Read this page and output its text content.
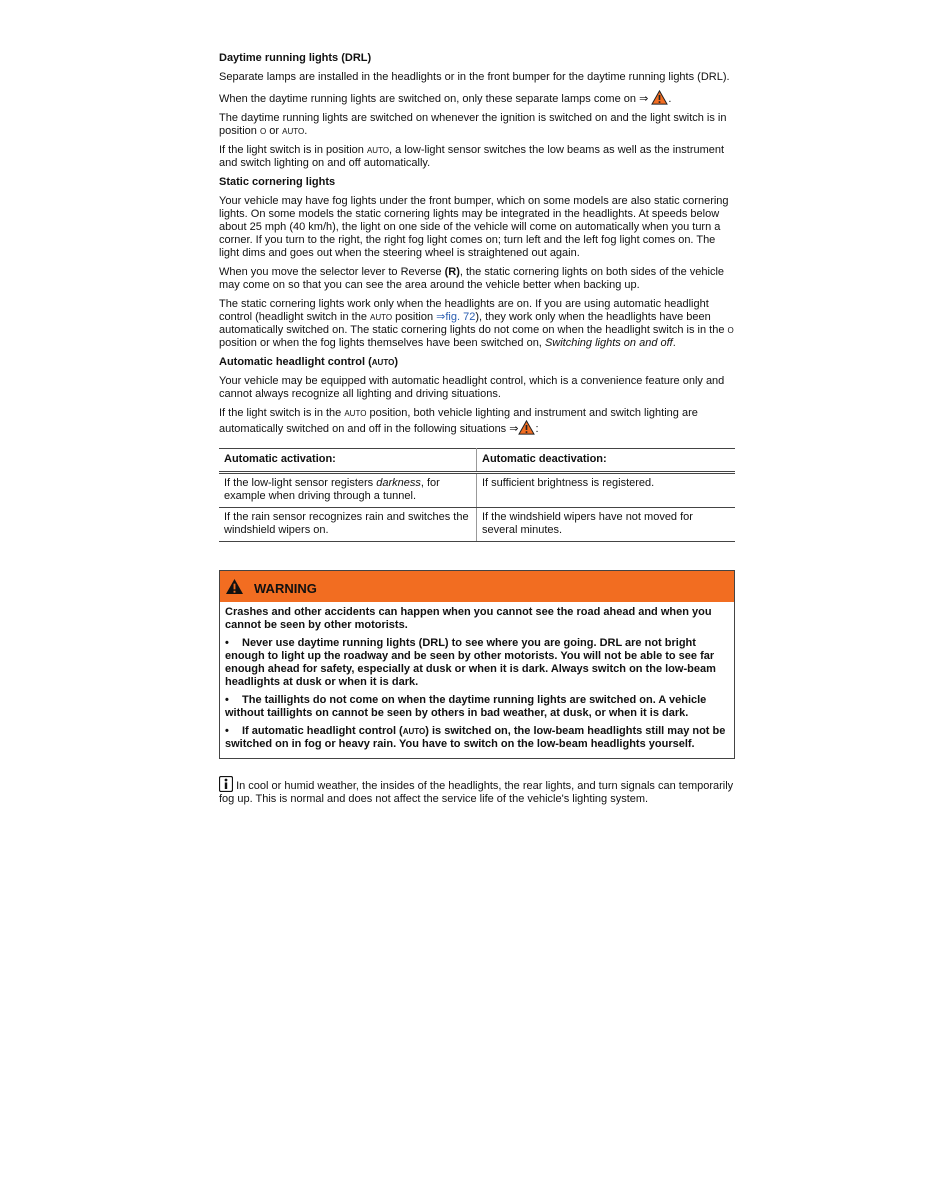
Daytime running lights (DRL)

Separate lamps are installed in the headlights or in the front bumper for the daytime running lights (DRL).

When the daytime running lights are switched on, only these separate lamps come on ⇒ .

The daytime running lights are switched on whenever the ignition is switched on and the light switch is in position O or AUTO.

If the light switch is in position AUTO, a low-light sensor switches the low beams as well as the instrument and switch lighting on and off automatically.

Static cornering lights

Your vehicle may have fog lights under the front bumper, which on some models are also static cornering lights. On some models the static cornering lights may be integrated in the headlights. At speeds below about 25 mph (40 km/h), the light on one side of the vehicle will come on automatically when you turn a corner. If you turn to the right, the right fog light comes on; turn left and the left fog light comes on. The light dims and goes out when the steering wheel is straightened out again.

When you move the selector lever to Reverse (R), the static cornering lights on both sides of the vehicle may come on so that you can see the area around the vehicle better when backing up.

The static cornering lights work only when the headlights are on. If you are using automatic headlight control (headlight switch in the AUTO position ⇒fig. 72), they work only when the headlights have been automatically switched on. The static cornering lights do not come on when the headlight switch is in the O position or when the fog lights themselves have been switched on, Switching lights on and off.

Automatic headlight control (AUTO)

Your vehicle may be equipped with automatic headlight control, which is a convenience feature only and cannot always recognize all lighting and driving situations.

If the light switch is in the AUTO position, both vehicle lighting and instrument and switch lighting are automatically switched on and off in the following situations ⇒ :

Automatic activation:	Automatic deactivation:
If the low-light sensor registers darkness, for example when driving through a tunnel.	If sufficient brightness is registered.
If the rain sensor recognizes rain and switches the windshield wipers on.	If the windshield wipers have not moved for several minutes.
WARNING

Crashes and other accidents can happen when you cannot see the road ahead and when you cannot be seen by other motorists.

• Never use daytime running lights (DRL) to see where you are going. DRL are not bright enough to light up the roadway and be seen by other motorists. You will not be able to see far enough ahead for safety, especially at dusk or when it is dark. Always switch on the low-beam headlights at dusk or when it is dark.

• The taillights do not come on when the daytime running lights are switched on. A vehicle without taillights on cannot be seen by others in bad weather, at dusk, or when it is dark.

• If automatic headlight control (AUTO) is switched on, the low-beam headlights still may not be switched on in fog or heavy rain. You have to switch on the low-beam headlights yourself.

In cool or humid weather, the insides of the headlights, the rear lights, and turn signals can temporarily fog up. This is normal and does not affect the service life of the vehicle's lighting system.
